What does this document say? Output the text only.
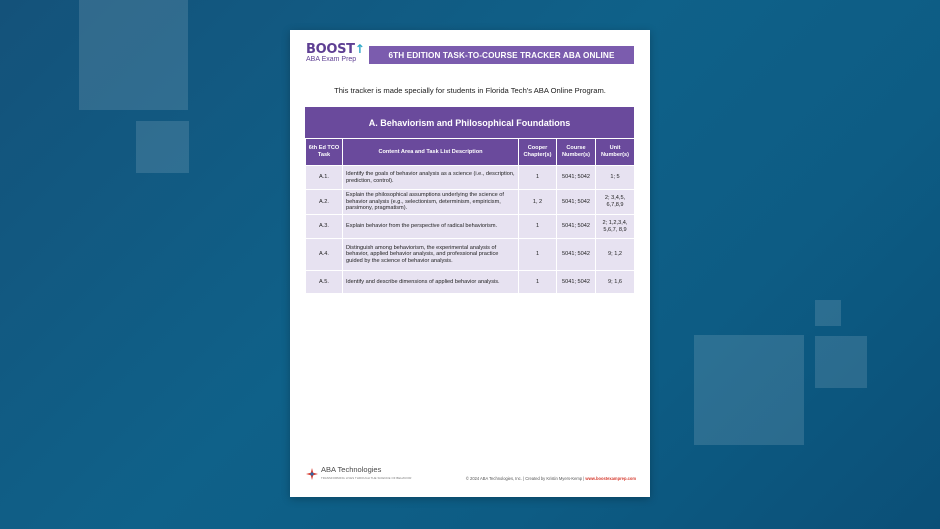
BOOST↑
ABA Exam Prep	6TH EDITION TASK-TO-COURSE TRACKER ABA ONLINE
This tracker is made specially for students in Florida Tech's ABA Online Program.
A. Behaviorism and Philosophical Foundations
6th Ed TCO Task	Content Area and Task List Description	Cooper Chapter(s)	Course Number(s)	Unit Number(s)
A.1.	Identify the goals of behavior analysis as a science (i.e., description, prediction, control).	1	5041; 5042	1; 5
A.2.	Explain the philosophical assumptions underlying the science of behavior analysis (e.g., selectionism, determinism, empiricism, parsimony, pragmatism).	1, 2	5041; 5042	2; 3,4,5, 6,7,8,9
A.3.	Explain behavior from the perspective of radical behaviorism.	1	5041; 5042	2; 1,2,3,4, 5,6,7, 8,9
A.4.	Distinguish among behaviorism, the experimental analysis of behavior, applied behavior analysis, and professional practice guided by the science of behavior analysis.	1	5041; 5042	9; 1,2
A.5.	Identify and describe dimensions of applied behavior analysis.	1	5041; 5042	9; 1,6
ABA Technologies
TRANSFORMING LIVES THROUGH THE SCIENCE OF BEHAVIOR	© 2024 ABA Technologies, Inc. | Created by Kristin Myers-Kemp | www.boostexamprep.com
